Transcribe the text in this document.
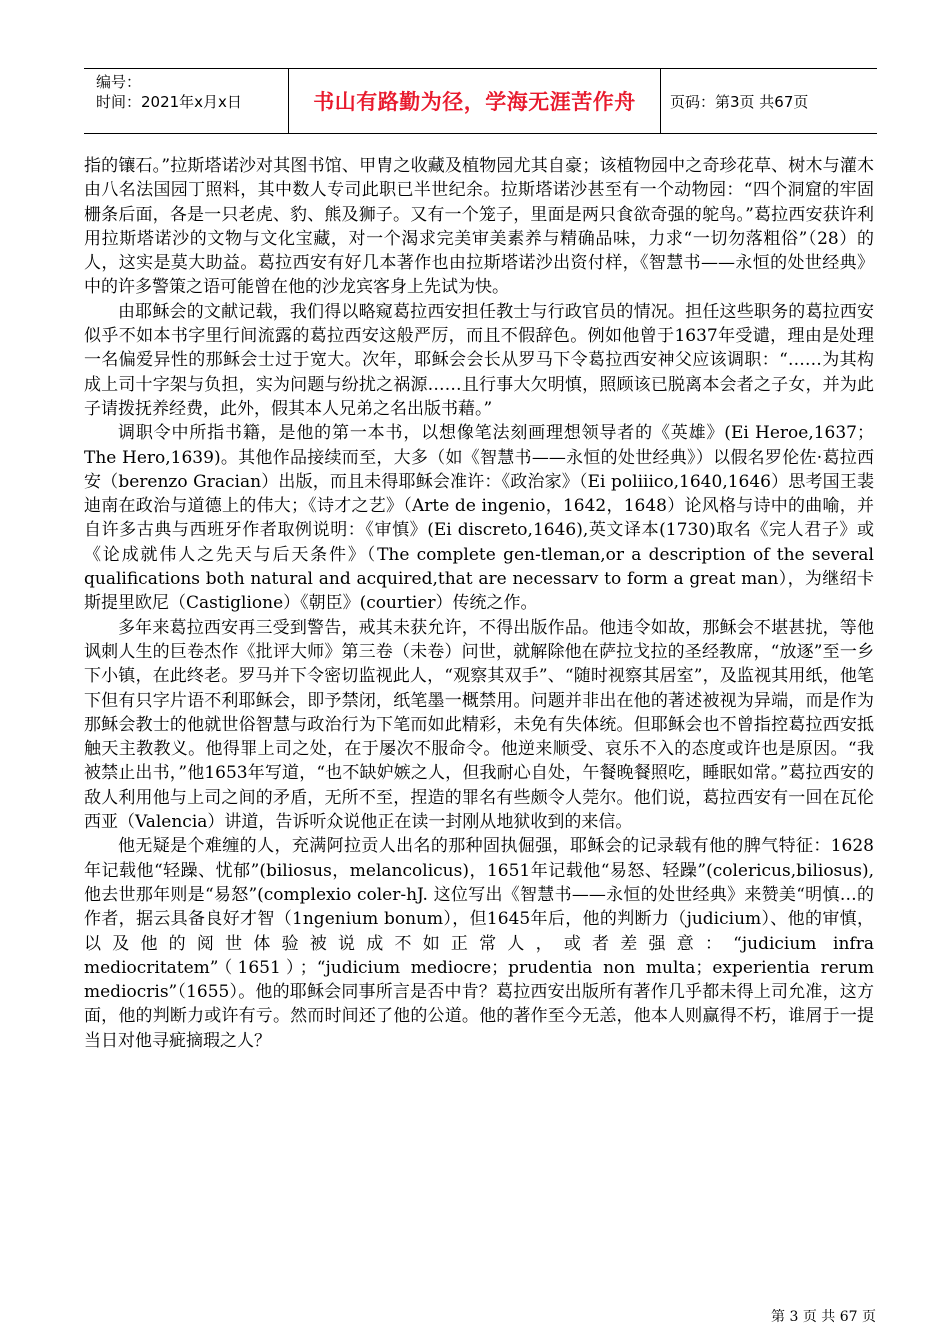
编号：
时间：2021年x月x日	书山有路勤为径，学海无涯苦作舟 页码：第3页 共67页

指的镶石。”拉斯塔诺沙对其图书馆、甲胄之收藏及植物园尤其自豪；该植物园中之奇珍花草、树木与灌木由八名法国园丁照料，其中数人专司此职已半世纪余。拉斯塔诺沙甚至有一个动物园：“四个洞窟的牢固栅条后面，各是一只老虎、豹、熊及狮子。又有一个笼子，里面是两只食欲奇强的鸵鸟。”葛拉西安获许利用拉斯塔诺沙的文物与文化宝藏，对一个渴求完美审美素养与精确品味，力求“一切勿落粗俗”（28）的人，这实是莫大助益。葛拉西安有好几本著作也由拉斯塔诺沙出资付样，《智慧书——永恒的处世经典》中的许多警策之语可能曾在他的沙龙宾客身上先试为快。

由耶稣会的文献记载，我们得以略窥葛拉西安担任教士与行政官员的情况。担任这些职务的葛拉西安似乎不如本书字里行间流露的葛拉西安这般严厉，而且不假辞色。例如他曾于1637年受谴，理由是处理一名偏爱异性的那稣会士过于宽大。次年，耶稣会会长从罗马下令葛拉西安神父应该调职：“……为其构成上司十字架与负担，实为问题与纷扰之祸源……且行事大欠明慎，照顾该已脱离本会者之子女，并为此子请拨抚养经费，此外，假其本人兄弟之名出版书藉。”

调职令中所指书籍，是他的第一本书，以想像笔法刻画理想领导者的《英雄》(Ei Heroe,1637；The Hero,1639)。其他作品接续而至，大多（如《智慧书——永恒的处世经典》）以假名罗伦佐·葛拉西安（berenzo Gracian）出版，而且未得耶稣会准许：《政治家》（Ei poliiico,1640,1646）思考国王裴迪南在政治与道德上的伟大；《诗才之艺》（Arte de ingenio，1642，1648）论风格与诗中的曲喻，并自许多古典与西班牙作者取例说明：《审慎》(Ei discreto,1646),英文译本(1730)取名《完人君子》或《论成就伟人之先天与后天条件》（The complete gen-tleman,or a description of the several qualifications both natural and acquired,that are necessarv to form a great man），为继绍卡斯提里欧尼（Castiglione）《朝臣》(courtier）传统之作。

多年来葛拉西安再三受到警告，戒其未获允许，不得出版作品。他违令如故，那稣会不堪甚扰，等他讽刺人生的巨卷杰作《批评大师》第三卷（未卷）问世，就解除他在萨拉戈拉的圣经教席，“放逐”至一乡下小镇，在此终老。罗马并下令密切监视此人，“观察其双手”、“随时视察其居室”，及监视其用纸，他笔下但有只字片语不利耶稣会，即予禁闭，纸笔墨一概禁用。问题并非出在他的著述被视为异端，而是作为那稣会教士的他就世俗智慧与政治行为下笔而如此精彩，未免有失体统。但耶稣会也不曾指控葛拉西安抵触天主教教义。他得罪上司之处，在于屡次不服命令。他逆来顺受、哀乐不入的态度或许也是原因。“我被禁止出书，”他1653年写道，“也不缺妒嫉之人，但我耐心自处，午餐晚餐照吃，睡眠如常。”葛拉西安的敌人利用他与上司之间的矛盾，无所不至，捏造的罪名有些颇令人莞尔。他们说，葛拉西安有一回在瓦伦西亚（Valencia）讲道，告诉听众说他正在读一封刚从地狱收到的来信。

他无疑是个难缠的人，充满阿拉贡人出名的那种固执倔强，耶稣会的记录载有他的脾气特征：1628年记载他“轻躁、忧郁”(biliosus，melancolicus)，1651年记载他“易怒、轻躁”(colericus,biliosus),他去世那年则是“易怒”(complexio coler-hJ. 这位写出《智慧书——永恒的处世经典》来赞美“明慎…的作者，据云具备良好才智（1ngenium bonum），但1645年后，他的判断力（judicium）、他的审慎，以及他的阅世体验被说成不如正常人，或者差强意：“judicium infra mediocritatem”（1651）；“judicium mediocre；prudentia non multa；experientia rerum mediocris”（1655）。他的耶稣会同事所言是否中肯？葛拉西安出版所有著作几乎都未得上司允准，这方面，他的判断力或许有亏。然而时间还了他的公道。他的著作至今无恙，他本人则赢得不朽，谁屑于一提当日对他寻疵摘瑕之人？

第 3 页 共 67 页
